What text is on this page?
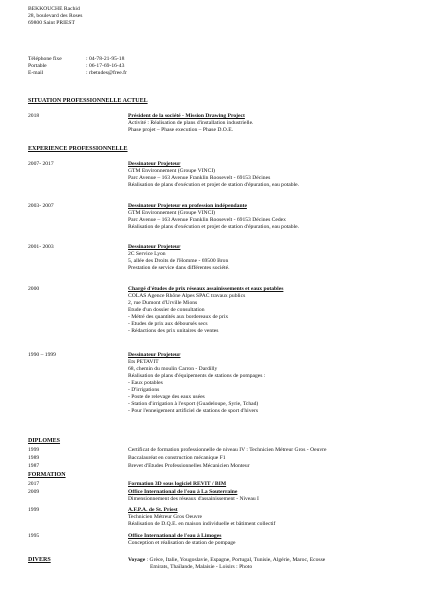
BEKKOUCHE Rachid
28, boulevard des Roses
69800 Saint PRIEST
Téléphone fixe	: 04-78-21-95-18
Portable	: 06-17-69-16-43
E-mail	: rbetudes@free.fr
SITUATION PROFESSIONNELLE ACTUEL
2018	Président de la société - Mission Drawing Project
Activité : Réalisation de plans d'installation industrielle.
Phase projet – Phase execution – Phase D.O.E.
EXPERIENCE PROFESSIONNELLE
2007- 2017	Dessinateur Projeteur
GTM Environnement (Groupe VINCI)
Parc Avenue – 163 Avenue Franklin Roosevelt - 69153 Décines
Réalisation de plans d'exécution et projet de station d'épuration, eau potable.
2003- 2007	Dessinateur Projeteur en profession indépendante
GTM Environnement (Groupe VINCI)
Parc Avenue – 163 Avenue Franklin Roosevelt - 69153 Décines Cedex
Réalisation de plans d'exécution et projet de station d'épuration, eau potable.
2001- 2003	Dessinateur Projeteur
2C Service Lyon
5, allée des Droits de l'Homme - 69500 Bron
Prestation de service dans différentes société.
2000	Chargé d'études de prix réseaux assainissements et eaux potables
COLAS Agence Rhône Alpes SPAC travaux publics
2, rue Dumont d'Urville Mions
Etude d'un dossier de consultation
- Métré des quantités aux bordereaux de prix
- Etudes de prix aux déboursés secs
- Rédactions des prix unitaires de ventes
1990 – 1999	Dessinateur Projeteur
Ets PETAVIT
68, chemin du moulin Carron - Dardilly
Réalisation de plans d'équipements de stations de pompages :
- Eaux potables
- D'irrigations
- Poste de relevage des eaux usées
- Station d'irrigation à l'export (Guadeloupe, Syrie, Tchad)
- Pour l'enneigement artificiel de stations de sport d'hivers
DIPLOMES
1999	Certificat de formation professionnelle de niveau IV : Technicien Métreur Gros - Oeuvre
1989	Baccalauréat en construction mécanique F1
1987	Brevet d'Etudes Professionnelles Mécanicien Monteur
FORMATION
2017	Formation 3D sous logiciel REVIT / BIM
2009	Office International de l'eau à La Souterraine
Dimensionnement des réseaux d'assainissement - Niveau I
1999	A.F.P.A. de St. Priest
Technicien Métreur Gros Oeuvre
Réalisation de D.Q.E. en maison individuelle et bâtiment collectif
1995	Office International de l'eau à Limoges
Conception et réalisation de station de pompage
DIVERS	Voyage : Grèce, Italie, Yougoslavie, Espagne, Portugal, Tunisie, Algérie, Maroc, Ecosse
Emirats, Thaïlande, Malaisie - Loisirs : Photo
